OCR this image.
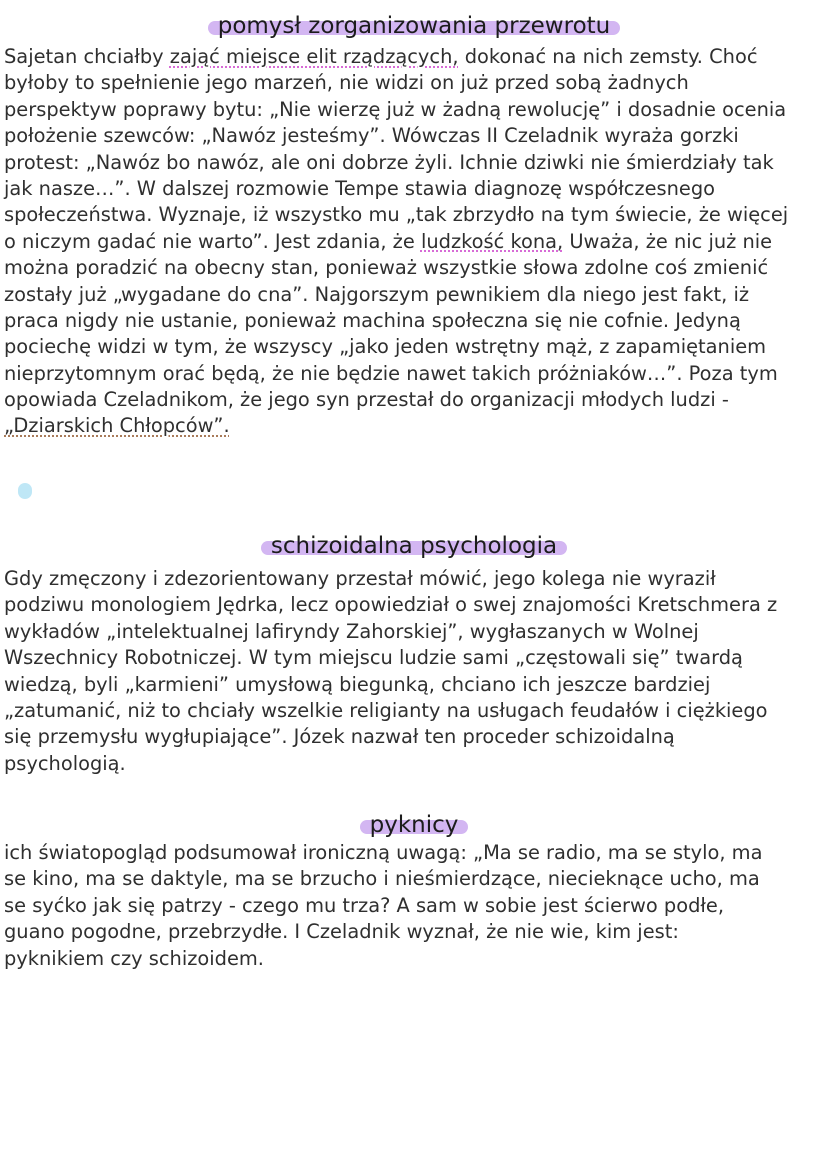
pomysł zorganizowania przewrotu
Sajetan chciałby zająć miejsce elit rządzących, dokonać na nich zemsty. Choć
byłoby to spełnienie jego marzeń, nie widzi on już przed sobą żadnych
perspektyw poprawy bytu: „Nie wierzę już w żadną rewolucję” i dosadnie ocenia
położenie szewców: „Nawóz jesteśmy”. Wówczas II Czeladnik wyraża gorzki
protest: „Nawóz bo nawóz, ale oni dobrze żyli. Ichnie dziwki nie śmierdziały tak
jak nasze…”. W dalszej rozmowie Tempe stawia diagnozę współczesnego
społeczeństwa. Wyznaje, iż wszystko mu „tak zbrzydło na tym świecie, że więcej
o niczym gadać nie warto”. Jest zdania, że ludzkość kona, Uważa, że nic już nie
można poradzić na obecny stan, ponieważ wszystkie słowa zdolne coś zmienić
zostały już „wygadane do cna”. Najgorszym pewnikiem dla niego jest fakt, iż
praca nigdy nie ustanie, ponieważ machina społeczna się nie cofnie. Jedyną
pociechę widzi w tym, że wszyscy „jako jeden wstrętny mąż, z zapamiętaniem
nieprzytomnym orać będą, że nie będzie nawet takich próżniaków…”. Poza tym
opowiada Czeladnikom, że jego syn przestał do organizacji młodych ludzi -
„Dziarskich Chłopców”.
schizoidalna psychologia
Gdy zmęczony i zdezorientowany przestał mówić, jego kolega nie wyraził
podziwu monologiem Jędrka, lecz opowiedział o swej znajomości Kretschmera z
wykładów „intelektualnej lafiryndy Zahorskiej”, wygłaszanych w Wolnej
Wszechnicy Robotniczej. W tym miejscu ludzie sami „częstowali się” twardą
wiedzą, byli „karmieni” umysłową biegunką, chciano ich jeszcze bardziej
„zatumanić, niż to chciały wszelkie religianty na usługach feudałów i ciężkiego
się przemysłu wygłupiające”. Józek nazwał ten proceder schizoidalną
psychologią.
pyknicy
ich światopogląd podsumował ironiczną uwagą: „Ma se radio, ma se stylo, ma
se kino, ma se daktyle, ma se brzucho i nieśmierdzące, niecieknące ucho, ma
se syćko jak się patrzy - czego mu trza? A sam w sobie jest ścierwo podłe,
guano pogodne, przebrzydłe. I Czeladnik wyznał, że nie wie, kim jest:
pyknikiem czy schizoidem.
